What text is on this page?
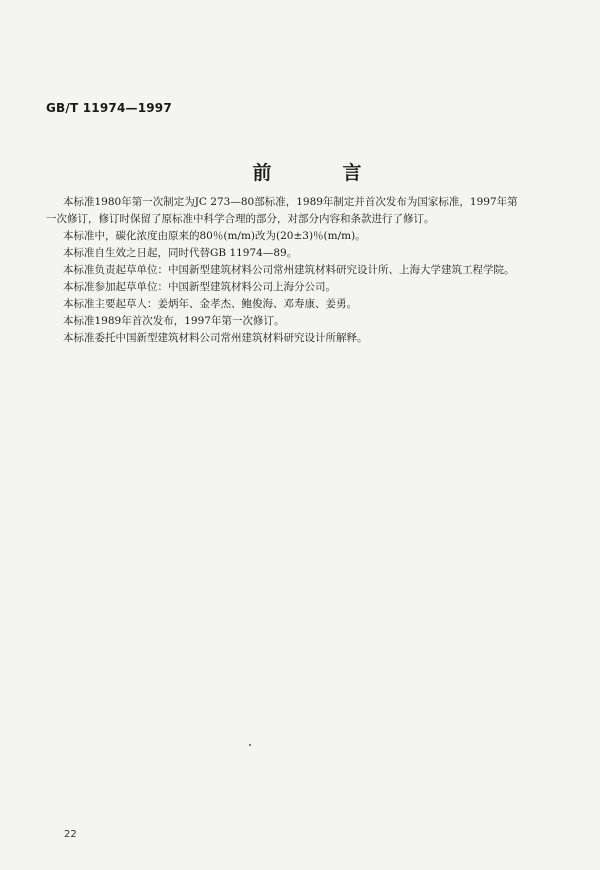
GB/T 11974—1997
前　言

本标准1980年第一次制定为JC 273—80部标准，1989年制定并首次发布为国家标准，1997年第
一次修订，修订时保留了原标准中科学合理的部分，对部分内容和条款进行了修订。

本标准中，碳化浓度由原来的80％(m/m)改为(20±3)％(m/m)。

本标准自生效之日起，同时代替GB 11974—89。

本标准负责起草单位：中国新型建筑材料公司常州建筑材料研究设计所、上海大学建筑工程学院。

本标准参加起草单位：中国新型建筑材料公司上海分公司。

本标准主要起草人：姜炳年、金孝杰、鲍俊海、邓寿康、姜勇。

本标准1989年首次发布，1997年第一次修订。

本标准委托中国新型建筑材料公司常州建筑材料研究设计所解释。

22
